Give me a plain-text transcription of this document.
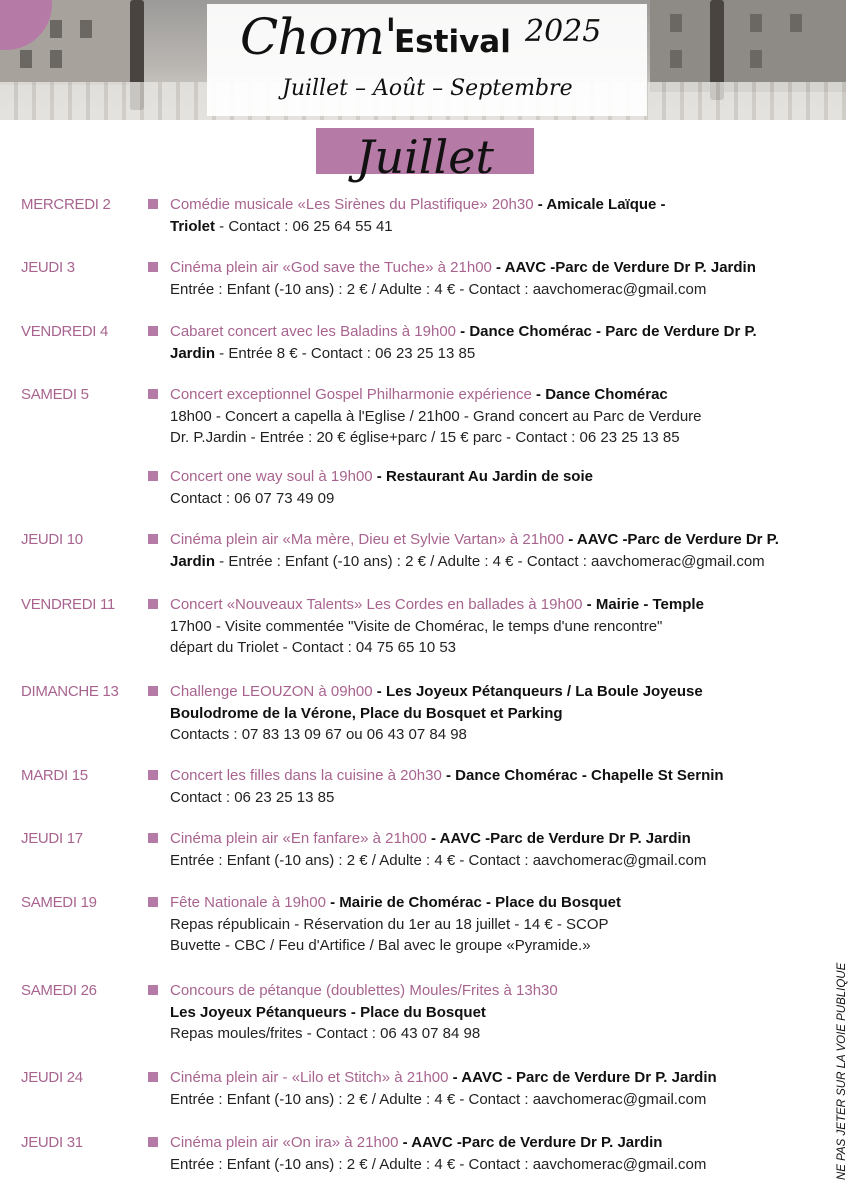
Chom'
Estival 2025
Juillet – Août – Septembre
Juillet
MERCREDI 2	Comédie musicale «Les Sirènes du Plastifique» 20h30 - Amicale Laïque -
Triolet - Contact : 06 25 64 55 41
JEUDI 3	Cinéma plein air «God save the Tuche» à 21h00 - AAVC -Parc de Verdure Dr P. Jardin
Entrée : Enfant (-10 ans) : 2 € / Adulte : 4 € - Contact : aavchomerac@gmail.com
VENDREDI 4	Cabaret concert avec les Baladins à 19h00 - Dance Chomérac - Parc de Verdure Dr P.
Jardin - Entrée 8 € - Contact : 06 23 25 13 85
SAMEDI 5	Concert exceptionnel Gospel Philharmonie expérience - Dance Chomérac
18h00 - Concert a capella à l'Eglise / 21h00 - Grand concert au Parc de Verdure
Dr. P.Jardin - Entrée : 20 € église+parc / 15 € parc - Contact : 06 23 25 13 85
Concert one way soul à 19h00 - Restaurant Au Jardin de soie
Contact : 06 07 73 49 09
JEUDI 10	Cinéma plein air «Ma mère, Dieu et Sylvie Vartan» à 21h00 - AAVC -Parc de Verdure Dr P.
Jardin - Entrée : Enfant (-10 ans) : 2 € / Adulte : 4 € - Contact : aavchomerac@gmail.com
VENDREDI 11	Concert «Nouveaux Talents» Les Cordes en ballades à 19h00 - Mairie - Temple
17h00 - Visite commentée "Visite de Chomérac, le temps d'une rencontre"
départ du Triolet - Contact : 04 75 65 10 53
DIMANCHE 13	Challenge LEOUZON à 09h00 - Les Joyeux Pétanqueurs / La Boule Joyeuse
Boulodrome de la Vérone, Place du Bosquet et Parking
Contacts : 07 83 13 09 67 ou 06 43 07 84 98
MARDI 15	Concert les filles dans la cuisine à 20h30 - Dance Chomérac - Chapelle St Sernin
Contact : 06 23 25 13 85
JEUDI 17	Cinéma plein air «En fanfare» à 21h00 - AAVC -Parc de Verdure Dr P. Jardin
Entrée : Enfant (-10 ans) : 2 € / Adulte : 4 € - Contact : aavchomerac@gmail.com
SAMEDI 19	Fête Nationale à 19h00 - Mairie de Chomérac - Place du Bosquet
Repas républicain - Réservation du 1er au 18 juillet - 14 € - SCOP
Buvette - CBC / Feu d'Artifice / Bal avec le groupe «Pyramide.»
SAMEDI 26	Concours de pétanque (doublettes) Moules/Frites à 13h30
Les Joyeux Pétanqueurs - Place du Bosquet
Repas moules/frites - Contact : 06 43 07 84 98
JEUDI 24	Cinéma plein air - «Lilo et Stitch» à 21h00 - AAVC - Parc de Verdure Dr P. Jardin
Entrée : Enfant (-10 ans) : 2 € / Adulte : 4 € - Contact : aavchomerac@gmail.com
JEUDI 31	Cinéma plein air «On ira» à 21h00 - AAVC -Parc de Verdure Dr P. Jardin
Entrée : Enfant (-10 ans) : 2 € / Adulte : 4 € - Contact : aavchomerac@gmail.com	NE PAS JETER SUR LA VOIE PUBLIQUE
